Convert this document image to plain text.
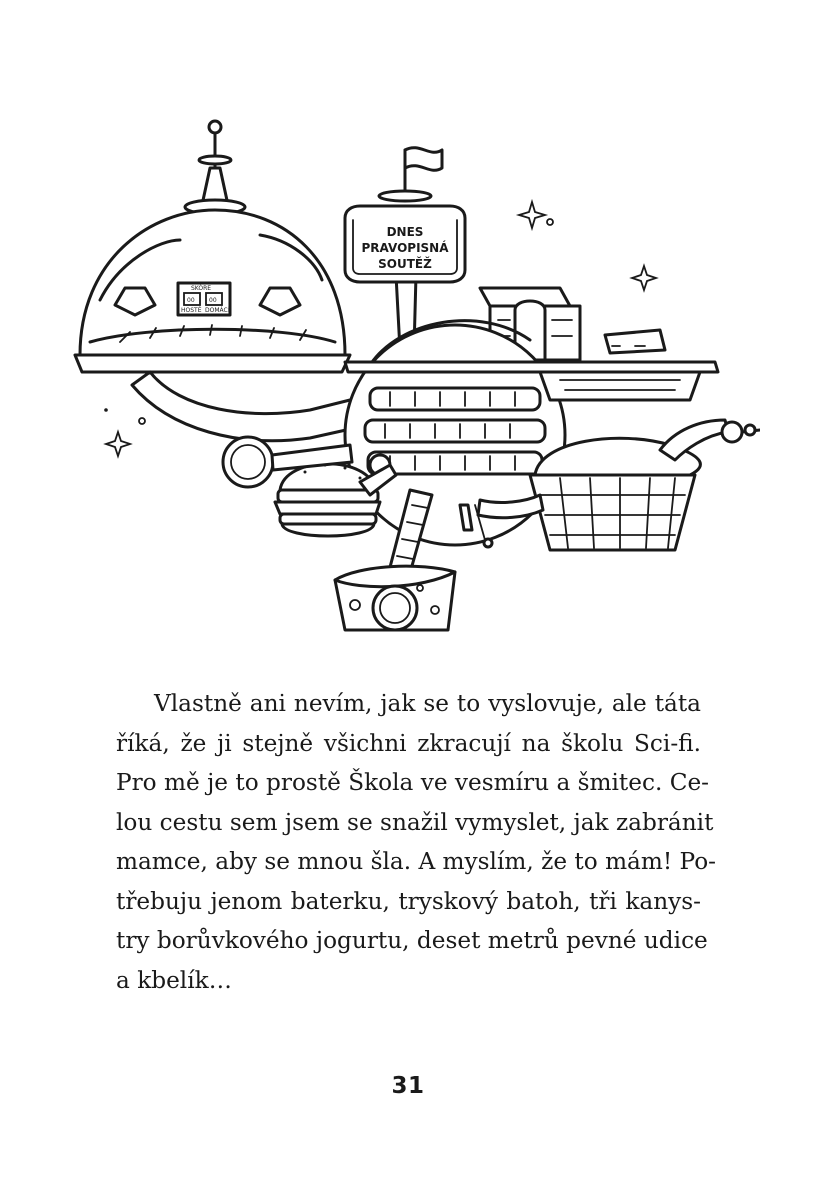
SKÓRE
00 00
HOSTÉ DOMÁCÍ
DNES
PRAVOPISNÁ
SOUTĚŽ

Vlastně ani nevím, jak se to vyslovuje, ale táta
říká, že ji stejně všichni zkracují na školu Sci-fi.
Pro mě je to prostě Škola ve vesmíru a šmitec. Ce-
lou cestu sem jsem se snažil vymyslet, jak zabránit
mamce, aby se mnou šla. A myslím, že to mám! Po-
třebuju jenom baterku, tryskový batoh, tři kanys-
try borůvkového jogurtu, deset metrů pevné udice
a kbelík…

31
